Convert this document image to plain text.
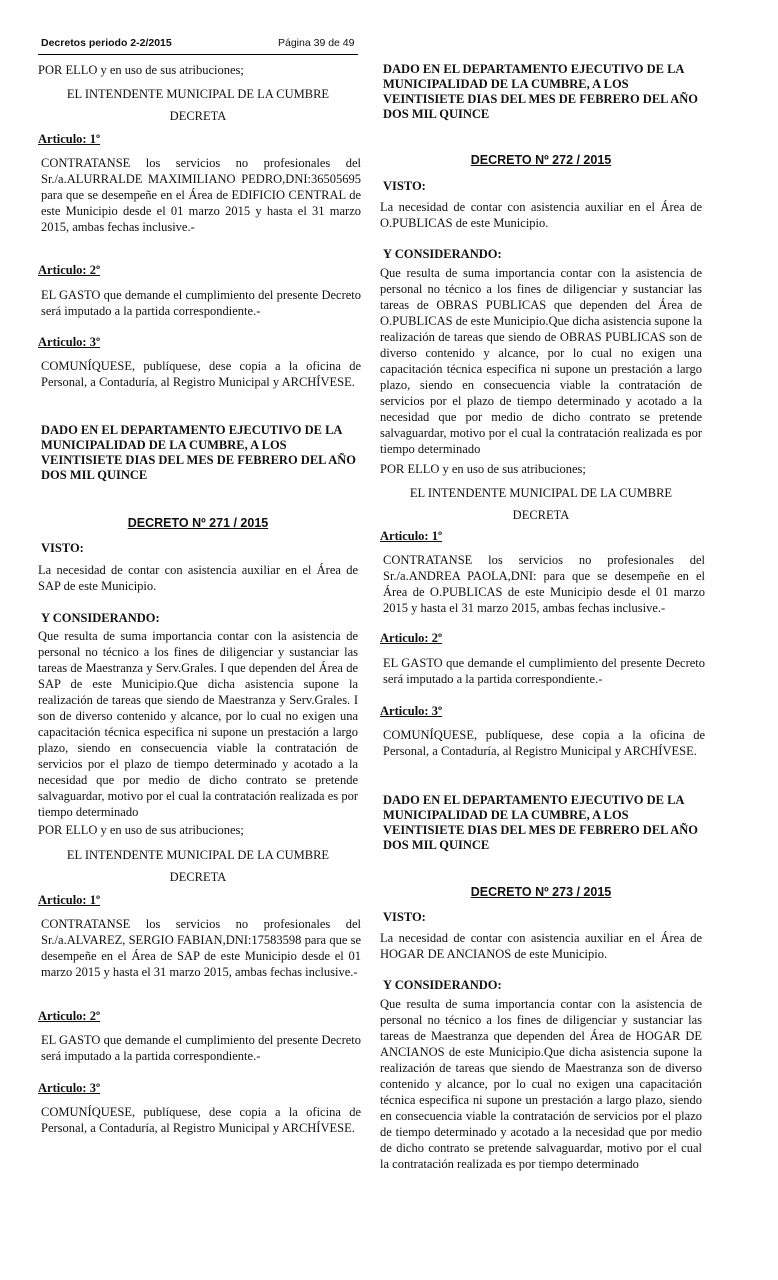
Decretos periodo 2-2/2015	Página 39 de 49
POR ELLO y en uso de sus atribuciones;
EL INTENDENTE MUNICIPAL DE LA CUMBRE
DECRETA
Articulo: 1º
CONTRATANSE los servicios no profesionales del Sr./a.ALURRALDE MAXIMILIANO PEDRO,DNI:36505695 para que se desempeñe en el Área de EDIFICIO CENTRAL de este Municipio desde el 01 marzo 2015 y hasta el 31 marzo 2015, ambas fechas inclusive.-
Articulo: 2º
EL GASTO que demande el cumplimiento del presente Decreto será imputado a la partida correspondiente.-
Articulo: 3º
COMUNÍQUESE, publíquese, dese copia a la oficina de Personal, a Contaduría, al Registro Municipal y ARCHÍVESE.
DADO EN EL DEPARTAMENTO EJECUTIVO DE LA MUNICIPALIDAD DE LA CUMBRE, A LOS VEINTISIETE DIAS DEL MES DE FEBRERO DEL AÑO DOS MIL QUINCE
DECRETO Nº 271 / 2015
VISTO:
La necesidad de contar con asistencia auxiliar en el Área de SAP de este Municipio.
Y CONSIDERANDO:
Que resulta de suma importancia contar con la asistencia de personal no técnico a los fines de diligenciar y sustanciar las tareas de Maestranza y Serv.Grales. I que dependen del Área de SAP de este Municipio.Que dicha asistencia supone la realización de tareas que siendo de Maestranza y Serv.Grales. I son de diverso contenido y alcance, por lo cual no exigen una capacitación técnica especifica ni supone un prestación a largo plazo, siendo en consecuencia viable la contratación de servicios por el plazo de tiempo determinado y acotado a la necesidad que por medio de dicho contrato se pretende salvaguardar, motivo por el cual la contratación realizada es por tiempo determinado
POR ELLO y en uso de sus atribuciones;
EL INTENDENTE MUNICIPAL DE LA CUMBRE
DECRETA
Articulo: 1º
CONTRATANSE los servicios no profesionales del Sr./a.ALVAREZ, SERGIO FABIAN,DNI:17583598 para que se desempeñe en el Área de SAP de este Municipio desde el 01 marzo 2015 y hasta el 31 marzo 2015, ambas fechas inclusive.-
Articulo: 2º
EL GASTO que demande el cumplimiento del presente Decreto será imputado a la partida correspondiente.-
Articulo: 3º
COMUNÍQUESE, publíquese, dese copia a la oficina de Personal, a Contaduría, al Registro Municipal y ARCHÍVESE.
DADO EN EL DEPARTAMENTO EJECUTIVO DE LA MUNICIPALIDAD DE LA CUMBRE, A LOS VEINTISIETE DIAS DEL MES DE FEBRERO DEL AÑO DOS MIL QUINCE
DECRETO Nº 272 / 2015
VISTO:
La necesidad de contar con asistencia auxiliar en el Área de O.PUBLICAS de este Municipio.
Y CONSIDERANDO:
Que resulta de suma importancia contar con la asistencia de personal no técnico a los fines de diligenciar y sustanciar las tareas de OBRAS PUBLICAS que dependen del Área de O.PUBLICAS de este Municipio.Que dicha asistencia supone la realización de tareas que siendo de OBRAS PUBLICAS son de diverso contenido y alcance, por lo cual no exigen una capacitación técnica especifica ni supone un prestación a largo plazo, siendo en consecuencia viable la contratación de servicios por el plazo de tiempo determinado y acotado a la necesidad que por medio de dicho contrato se pretende salvaguardar, motivo por el cual la contratación realizada es por tiempo determinado
POR ELLO y en uso de sus atribuciones;
EL INTENDENTE MUNICIPAL DE LA CUMBRE
DECRETA
Articulo: 1º
CONTRATANSE los servicios no profesionales del Sr./a.ANDREA PAOLA,DNI: para que se desempeñe en el Área de O.PUBLICAS de este Municipio desde el 01 marzo 2015 y hasta el 31 marzo 2015, ambas fechas inclusive.-
Articulo: 2º
EL GASTO que demande el cumplimiento del presente Decreto será imputado a la partida correspondiente.-
Articulo: 3º
COMUNÍQUESE, publíquese, dese copia a la oficina de Personal, a Contaduría, al Registro Municipal y ARCHÍVESE.
DADO EN EL DEPARTAMENTO EJECUTIVO DE LA MUNICIPALIDAD DE LA CUMBRE, A LOS VEINTISIETE DIAS DEL MES DE FEBRERO DEL AÑO DOS MIL QUINCE
DECRETO Nº 273 / 2015
VISTO:
La necesidad de contar con asistencia auxiliar en el Área de HOGAR DE ANCIANOS de este Municipio.
Y CONSIDERANDO:
Que resulta de suma importancia contar con la asistencia de personal no técnico a los fines de diligenciar y sustanciar las tareas de Maestranza que dependen del Área de HOGAR DE ANCIANOS de este Municipio.Que dicha asistencia supone la realización de tareas que siendo de Maestranza son de diverso contenido y alcance, por lo cual no exigen una capacitación técnica especifica ni supone un prestación a largo plazo, siendo en consecuencia viable la contratación de servicios por el plazo de tiempo determinado y acotado a la necesidad que por medio de dicho contrato se pretende salvaguardar, motivo por el cual la contratación realizada es por tiempo determinado
